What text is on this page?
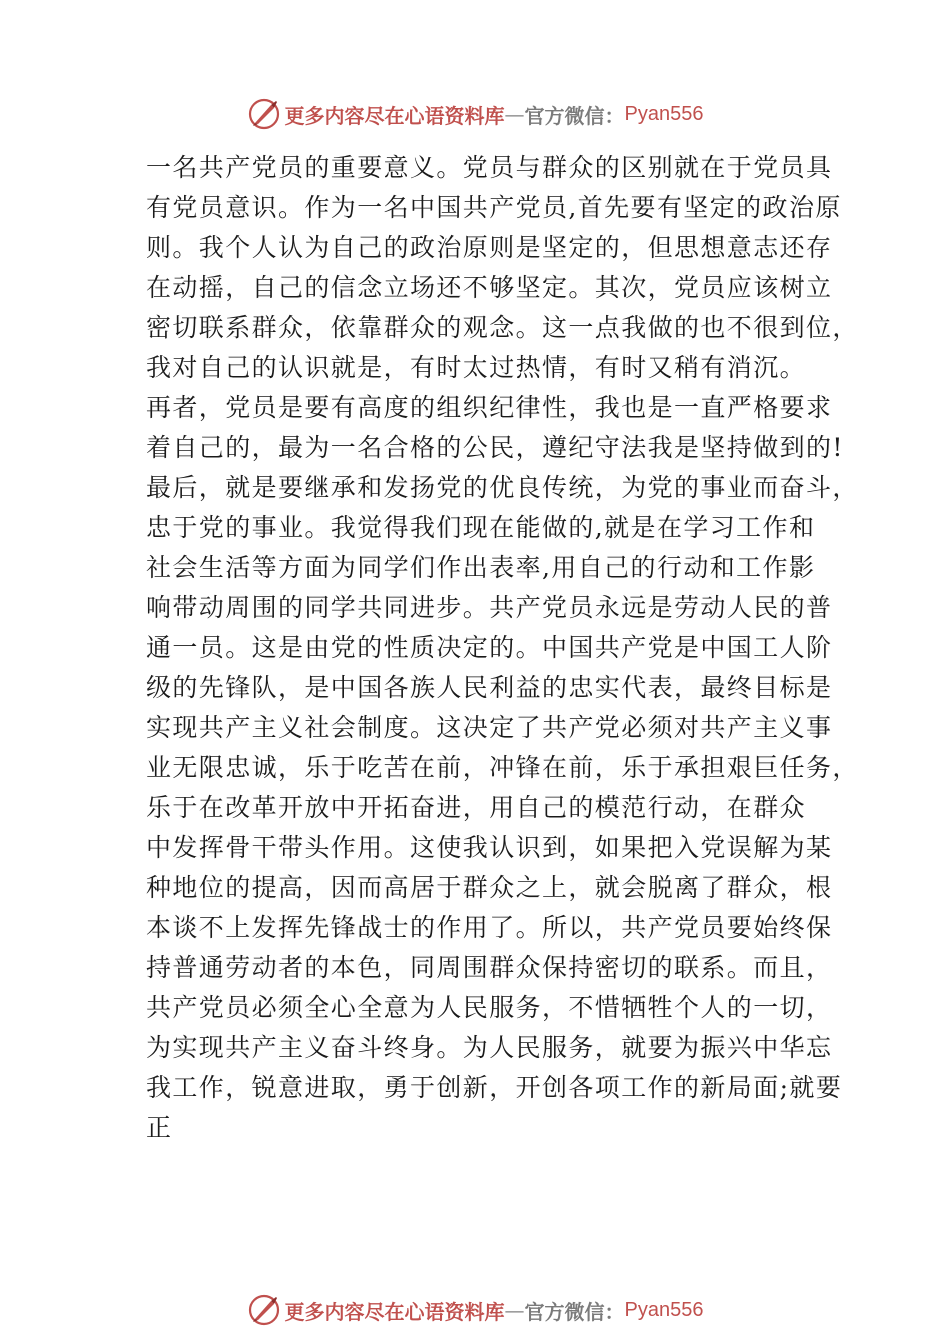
更多内容尽在心语资料库 — 官方微信： Pyan556
一名共产党员的重要意义。党员与群众的区别就在于党员具
有党员意识。作为一名中国共产党员,首先要有坚定的政治原
则。我个人认为自己的政治原则是坚定的，但思想意志还存
在动摇，自己的信念立场还不够坚定。其次，党员应该树立
密切联系群众，依靠群众的观念。这一点我做的也不很到位，
我对自己的认识就是，有时太过热情，有时又稍有消沉。
再者，党员是要有高度的组织纪律性，我也是一直严格要求
着自己的，最为一名合格的公民，遵纪守法我是坚持做到的!
最后，就是要继承和发扬党的优良传统，为党的事业而奋斗，
忠于党的事业。我觉得我们现在能做的,就是在学习工作和
社会生活等方面为同学们作出表率,用自己的行动和工作影
响带动周围的同学共同进步。共产党员永远是劳动人民的普
通一员。这是由党的性质决定的。中国共产党是中国工人阶
级的先锋队，是中国各族人民利益的忠实代表，最终目标是
实现共产主义社会制度。这决定了共产党必须对共产主义事
业无限忠诚，乐于吃苦在前，冲锋在前，乐于承担艰巨任务，
乐于在改革开放中开拓奋进，用自己的模范行动，在群众
中发挥骨干带头作用。这使我认识到，如果把入党误解为某
种地位的提高，因而高居于群众之上，就会脱离了群众，根
本谈不上发挥先锋战士的作用了。所以，共产党员要始终保
持普通劳动者的本色，同周围群众保持密切的联系。而且，
共产党员必须全心全意为人民服务，不惜牺牲个人的一切，
为实现共产主义奋斗终身。为人民服务，就要为振兴中华忘
我工作，锐意进取，勇于创新，开创各项工作的新局面;就要
正
更多内容尽在心语资料库 — 官方微信： Pyan556
